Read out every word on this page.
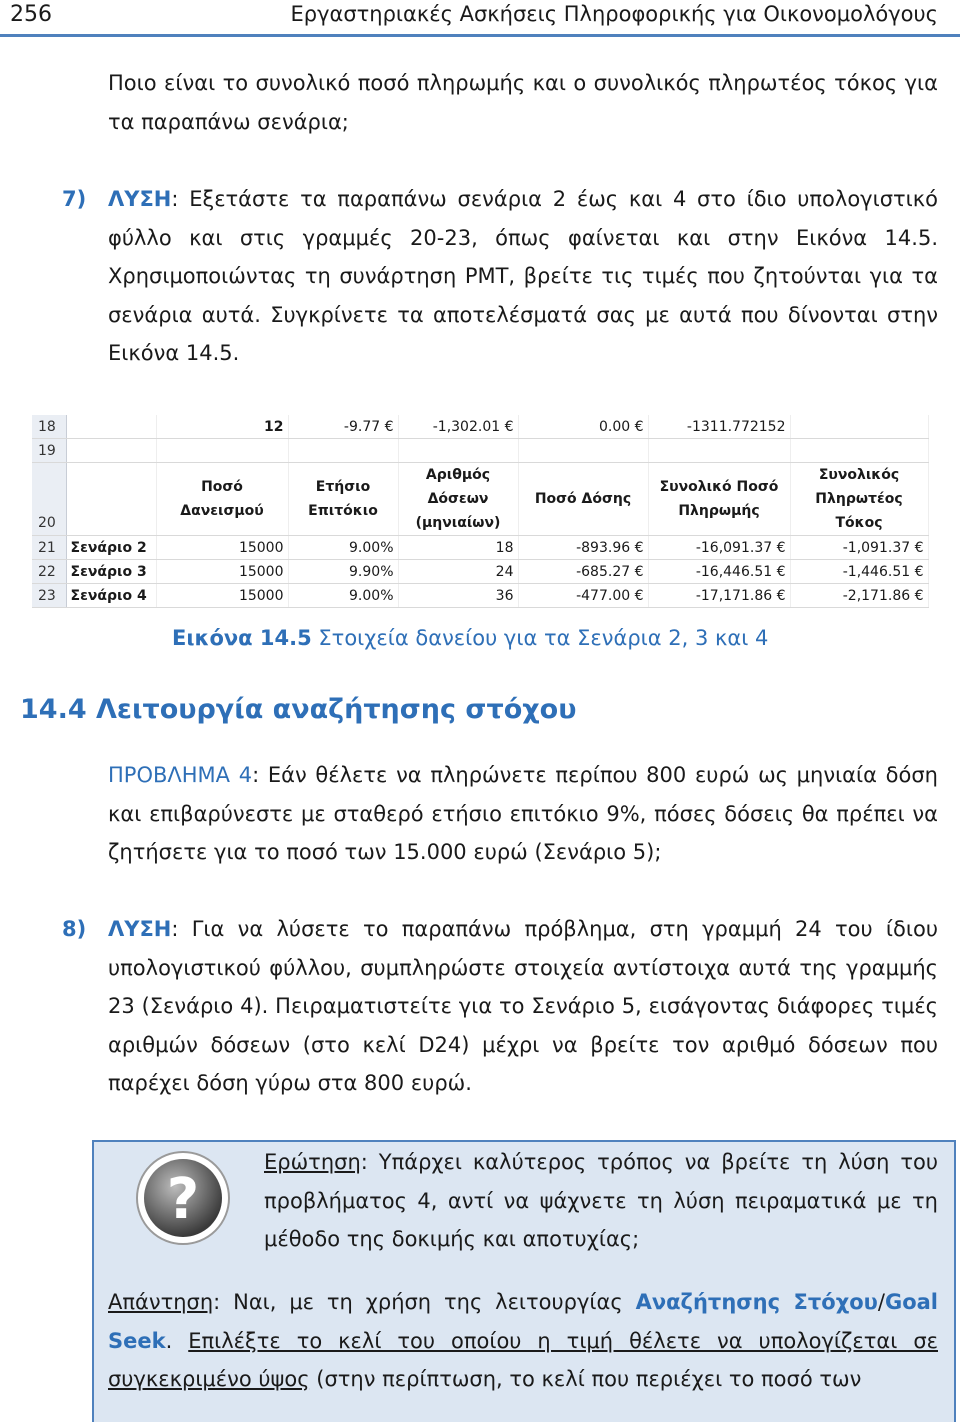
256	Εργαστηριακές Ασκήσεις Πληροφορικής για Οικονομολόγους
Ποιο είναι το συνολικό ποσό πληρωμής και ο συνολικός πληρωτέος τόκος για τα παραπάνω σενάρια;
7) ΛΥΣΗ: Εξετάστε τα παραπάνω σενάρια 2 έως και 4 στο ίδιο υπολογιστικό φύλλο και στις γραμμές 20-23, όπως φαίνεται και στην Εικόνα 14.5. Χρησιμοποιώντας τη συνάρτηση PMT, βρείτε τις τιμές που ζητούνται για τα σενάρια αυτά. Συγκρίνετε τα αποτελέσματά σας με αυτά που δίνονται στην Εικόνα 14.5.
18		12	-9.77 €	-1,302.01 €	0.00 €	-1311.772152	
19							
20		Ποσό Δανεισμού	Ετήσιο Επιτόκιο	Αριθμός Δόσεων (μηνιαίων)	Ποσό Δόσης	Συνολικό Ποσό Πληρωμής	Συνολικός Πληρωτέος Τόκος
21	Σενάριο 2	15000	9.00%	18	-893.96 €	-16,091.37 €	-1,091.37 €
22	Σενάριο 3	15000	9.90%	24	-685.27 €	-16,446.51 €	-1,446.51 €
23	Σενάριο 4	15000	9.00%	36	-477.00 €	-17,171.86 €	-2,171.86 €
Εικόνα 14.5 Στοιχεία δανείου για τα Σενάρια 2, 3 και 4
14.4 Λειτουργία αναζήτησης στόχου
ΠΡΟΒΛΗΜΑ 4: Εάν θέλετε να πληρώνετε περίπου 800 ευρώ ως μηνιαία δόση και επιβαρύνεστε με σταθερό ετήσιο επιτόκιο 9%, πόσες δόσεις θα πρέπει να ζητήσετε για το ποσό των 15.000 ευρώ (Σενάριο 5);
8) ΛΥΣΗ: Για να λύσετε το παραπάνω πρόβλημα, στη γραμμή 24 του ίδιου υπολογιστικού φύλλου, συμπληρώστε στοιχεία αντίστοιχα αυτά της γραμμής 23 (Σενάριο 4). Πειραματιστείτε για το Σενάριο 5, εισάγοντας διάφορες τιμές αριθμών δόσεων (στο κελί D24) μέχρι να βρείτε τον αριθμό δόσεων που παρέχει δόση γύρω στα 800 ευρώ.
?
Ερώτηση: Υπάρχει καλύτερος τρόπος να βρείτε τη λύση του προβλήματος 4, αντί να ψάχνετε τη λύση πειραματικά με τη μέθοδο της δοκιμής και αποτυχίας;
Απάντηση: Ναι, με τη χρήση της λειτουργίας Αναζήτησης Στόχου/Goal Seek. Επιλέξτε το κελί του οποίου η τιμή θέλετε να υπολογίζεται σε συγκεκριμένο ύψος (στην περίπτωση, το κελί που περιέχει το ποσό των
